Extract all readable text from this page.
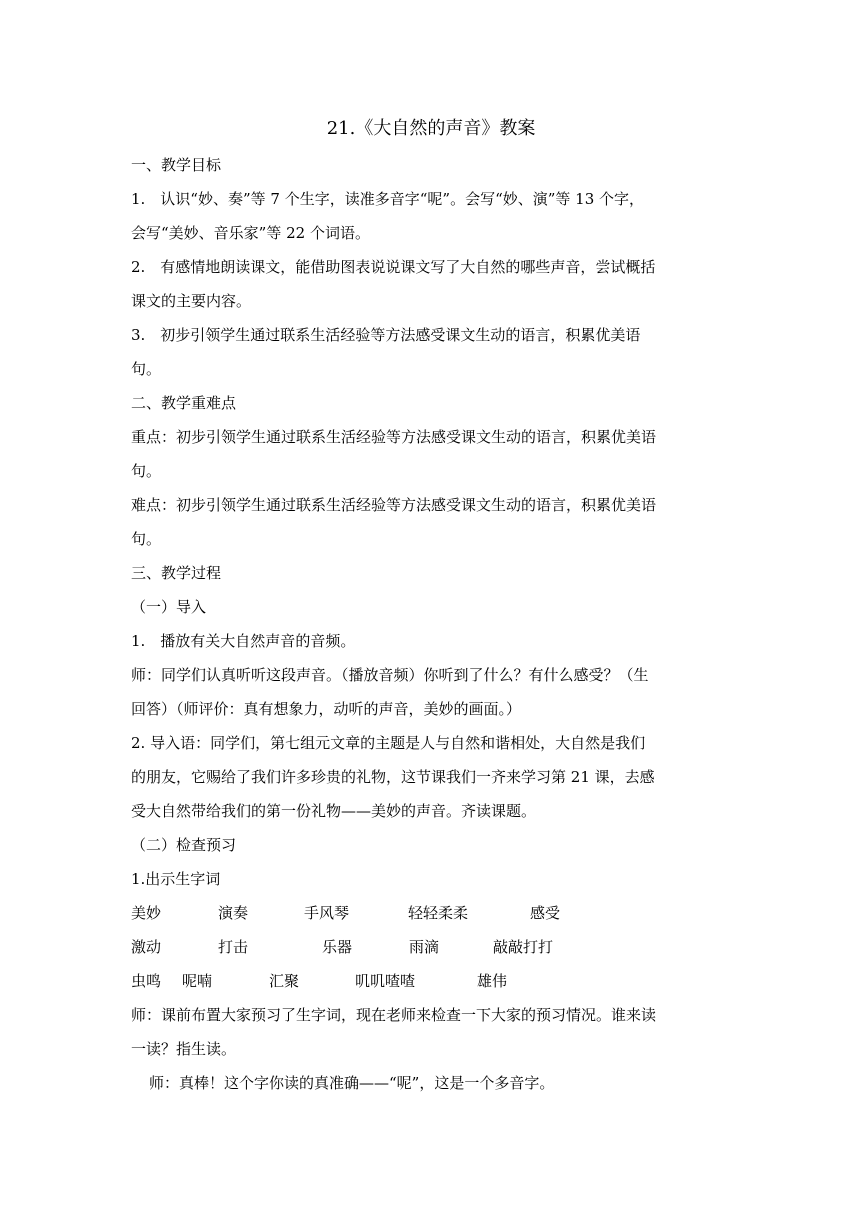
21.《大自然的声音》教案

一、教学目标

1.　认识“妙、奏”等 7 个生字，读准多音字“呢”。会写“妙、演”等 13 个字，

会写“美妙、音乐家”等 22 个词语。

2.　有感情地朗读课文，能借助图表说说课文写了大自然的哪些声音，尝试概括

课文的主要内容。

3.　初步引领学生通过联系生活经验等方法感受课文生动的语言，积累优美语

句。

二、教学重难点

重点：初步引领学生通过联系生活经验等方法感受课文生动的语言，积累优美语

句。

难点：初步引领学生通过联系生活经验等方法感受课文生动的语言，积累优美语

句。

三、教学过程

（一）导入

1.　播放有关大自然声音的音频。

师：同学们认真听听这段声音。（播放音频）你听到了什么？有什么感受？（生

回答）（师评价：真有想象力，动听的声音，美妙的画面。）

2. 导入语：同学们，第七组元文章的主题是人与自然和谐相处，大自然是我们

的朋友，它赐给了我们许多珍贵的礼物，这节课我们一齐来学习第 21 课，去感

受大自然带给我们的第一份礼物——美妙的声音。齐读课题。

（二）检查预习

1.出示生字词

美妙	演奏	手风琴	轻轻柔柔	感受
激动	打击	乐器	雨滴	敲敲打打
虫鸣 呢喃	汇聚	叽叽喳喳	雄伟

师：课前布置大家预习了生字词，现在老师来检查一下大家的预习情况。谁来读

一读？指生读。

师：真棒！这个字你读的真准确——“呢”，这是一个多音字。
